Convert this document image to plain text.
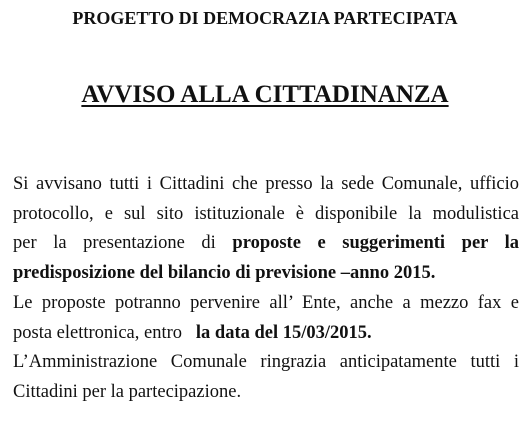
PROGETTO DI DEMOCRAZIA PARTECIPATA
AVVISO ALLA CITTADINANZA
Si avvisano tutti i Cittadini che presso la sede Comunale, ufficio
protocollo, e sul sito istituzionale è disponibile la modulistica
per la presentazione di proposte e suggerimenti per la
predisposizione del bilancio di previsione –anno 2015.
Le proposte potranno pervenire all’ Ente, anche a mezzo fax e
posta elettronica, entro   la data del 15/03/2015.
L’Amministrazione Comunale ringrazia anticipatamente tutti i
Cittadini per la partecipazione.
